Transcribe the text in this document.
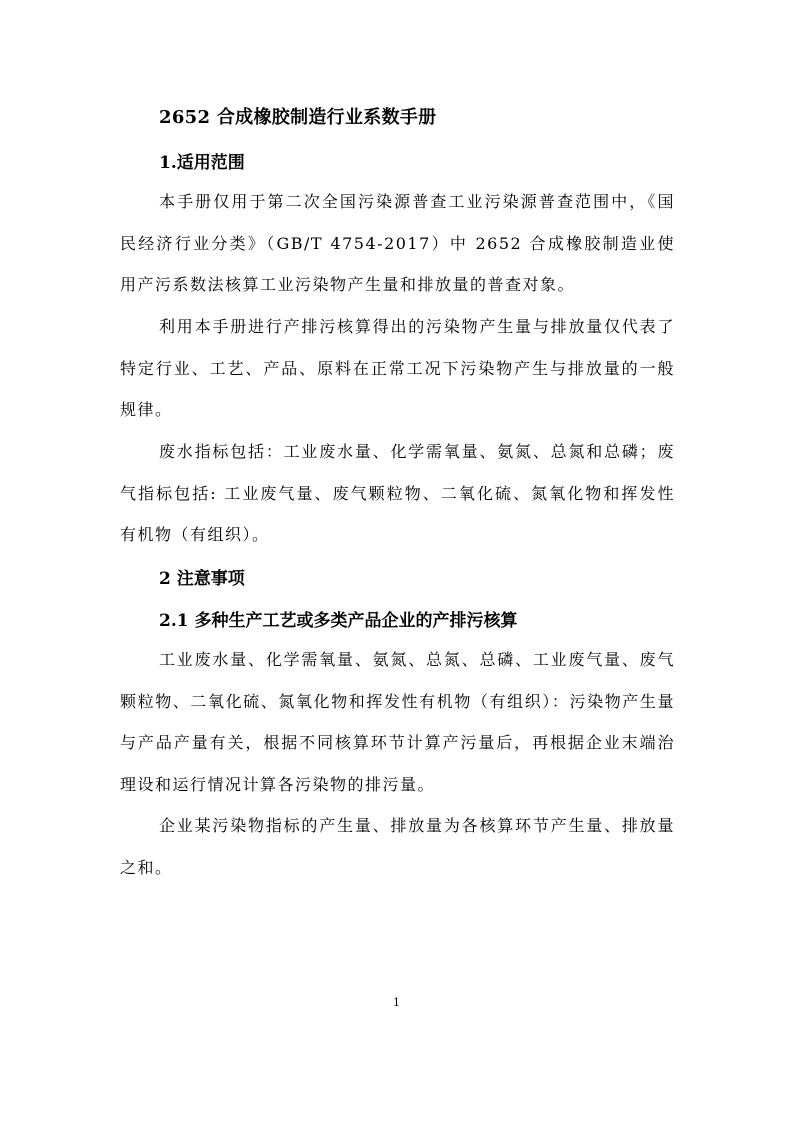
2652 合成橡胶制造行业系数手册
1.适用范围

本手册仅用于第二次全国污染源普查工业污染源普查范围中，《国民经济行业分类》（GB/T 4754-2017）中 2652 合成橡胶制造业使用产污系数法核算工业污染物产生量和排放量的普查对象。

利用本手册进行产排污核算得出的污染物产生量与排放量仅代表了特定行业、工艺、产品、原料在正常工况下污染物产生与排放量的一般规律。

废水指标包括：工业废水量、化学需氧量、氨氮、总氮和总磷；废气指标包括: 工业废气量、废气颗粒物、二氧化硫、氮氧化物和挥发性有机物（有组织）。

2 注意事项
2.1 多种生产工艺或多类产品企业的产排污核算

工业废水量、化学需氧量、氨氮、总氮、总磷、工业废气量、废气颗粒物、二氧化硫、氮氧化物和挥发性有机物（有组织）：污染物产生量与产品产量有关，根据不同核算环节计算产污量后，再根据企业末端治理设和运行情况计算各污染物的排污量。

企业某污染物指标的产生量、排放量为各核算环节产生量、排放量之和。

1
